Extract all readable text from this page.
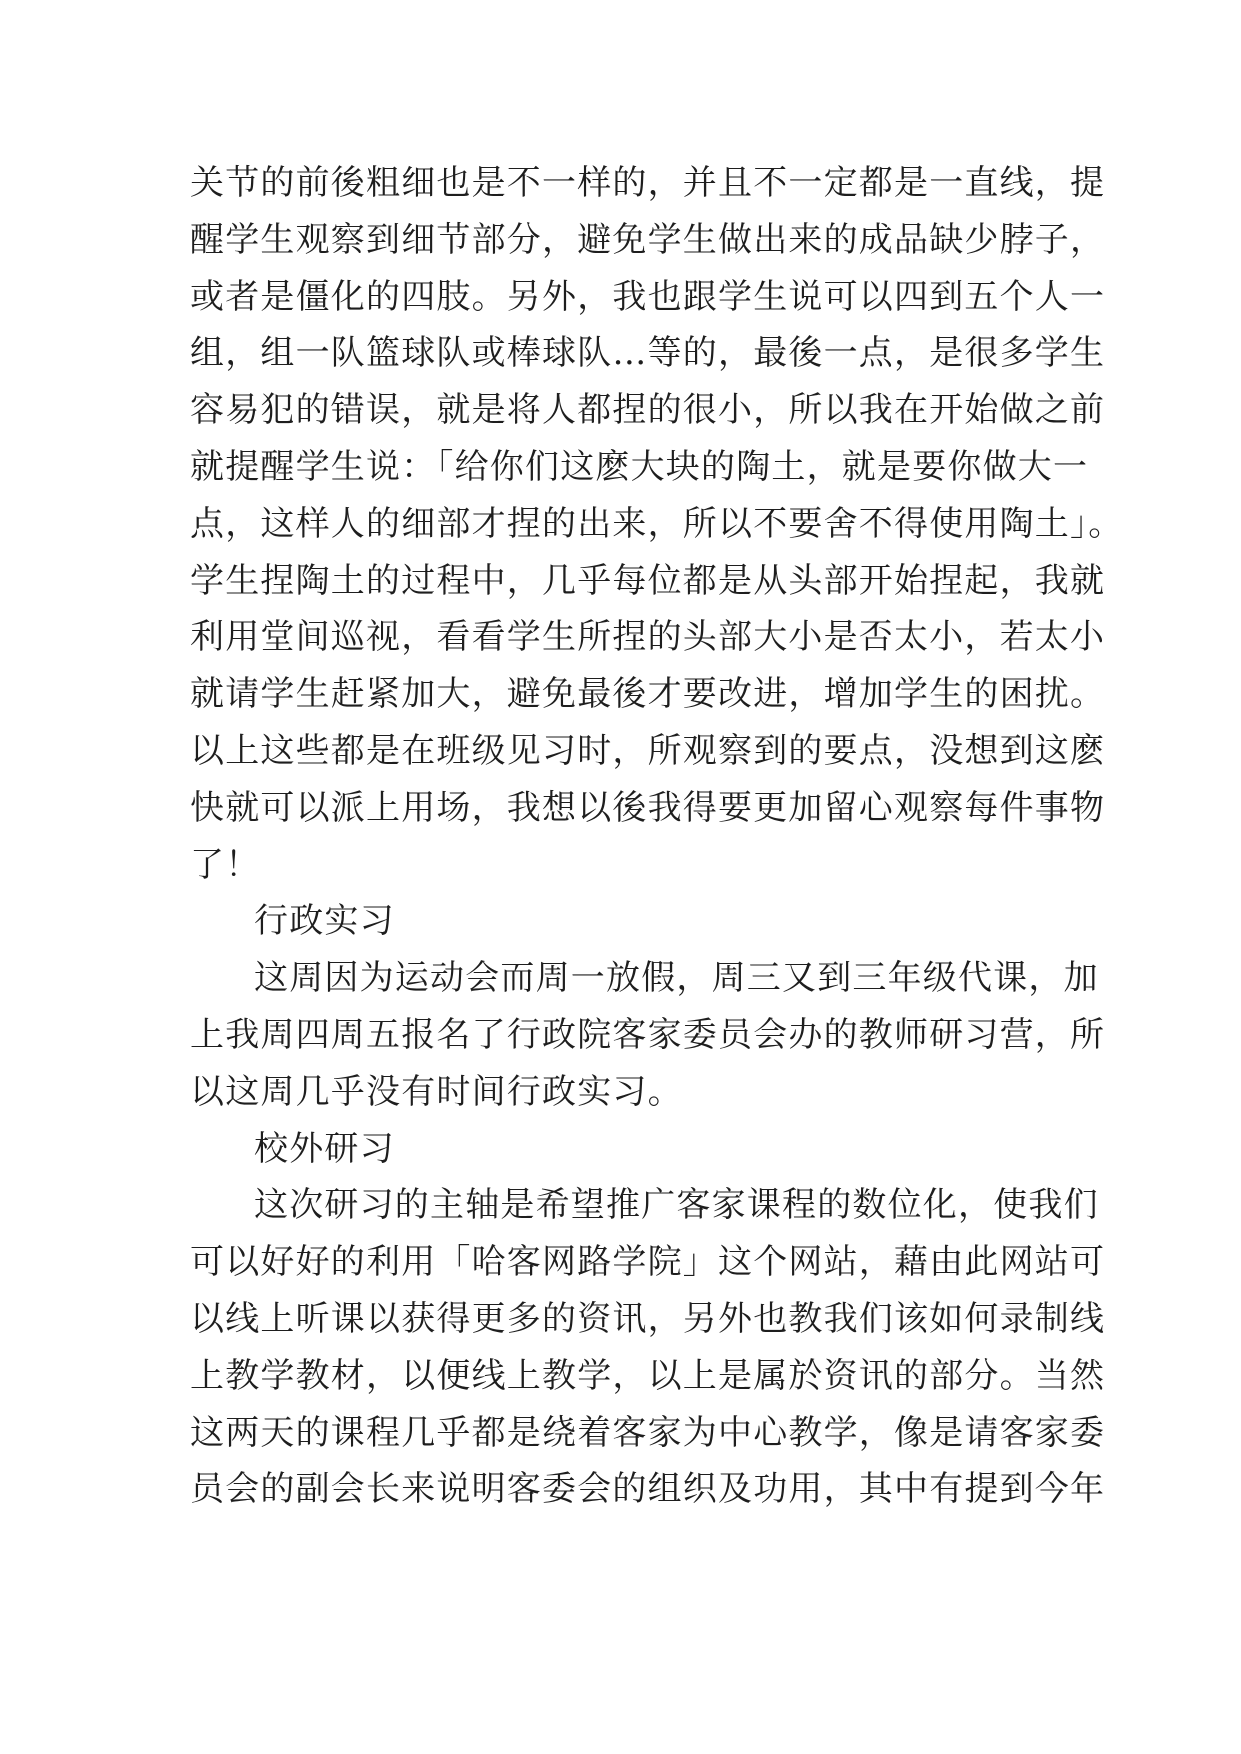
关节的前後粗细也是不一样的，并且不一定都是一直线，提
醒学生观察到细节部分，避免学生做出来的成品缺少脖子，
或者是僵化的四肢。另外，我也跟学生说可以四到五个人一
组，组一队篮球队或棒球队…等的，最後一点，是很多学生
容易犯的错误，就是将人都捏的很小，所以我在开始做之前
就提醒学生说：「给你们这麽大块的陶土，就是要你做大一
点，这样人的细部才捏的出来，所以不要舍不得使用陶土」。
学生捏陶土的过程中，几乎每位都是从头部开始捏起，我就
利用堂间巡视，看看学生所捏的头部大小是否太小，若太小
就请学生赶紧加大，避免最後才要改进，增加学生的困扰。
以上这些都是在班级见习时，所观察到的要点，没想到这麽
快就可以派上用场，我想以後我得要更加留心观察每件事物
了！
行政实习
这周因为运动会而周一放假，周三又到三年级代课，加
上我周四周五报名了行政院客家委员会办的教师研习营，所
以这周几乎没有时间行政实习。
校外研习
这次研习的主轴是希望推广客家课程的数位化，使我们
可以好好的利用「哈客网路学院」这个网站，藉由此网站可
以线上听课以获得更多的资讯，另外也教我们该如何录制线
上教学教材，以便线上教学，以上是属於资讯的部分。当然
这两天的课程几乎都是绕着客家为中心教学，像是请客家委
员会的副会长来说明客委会的组织及功用，其中有提到今年
